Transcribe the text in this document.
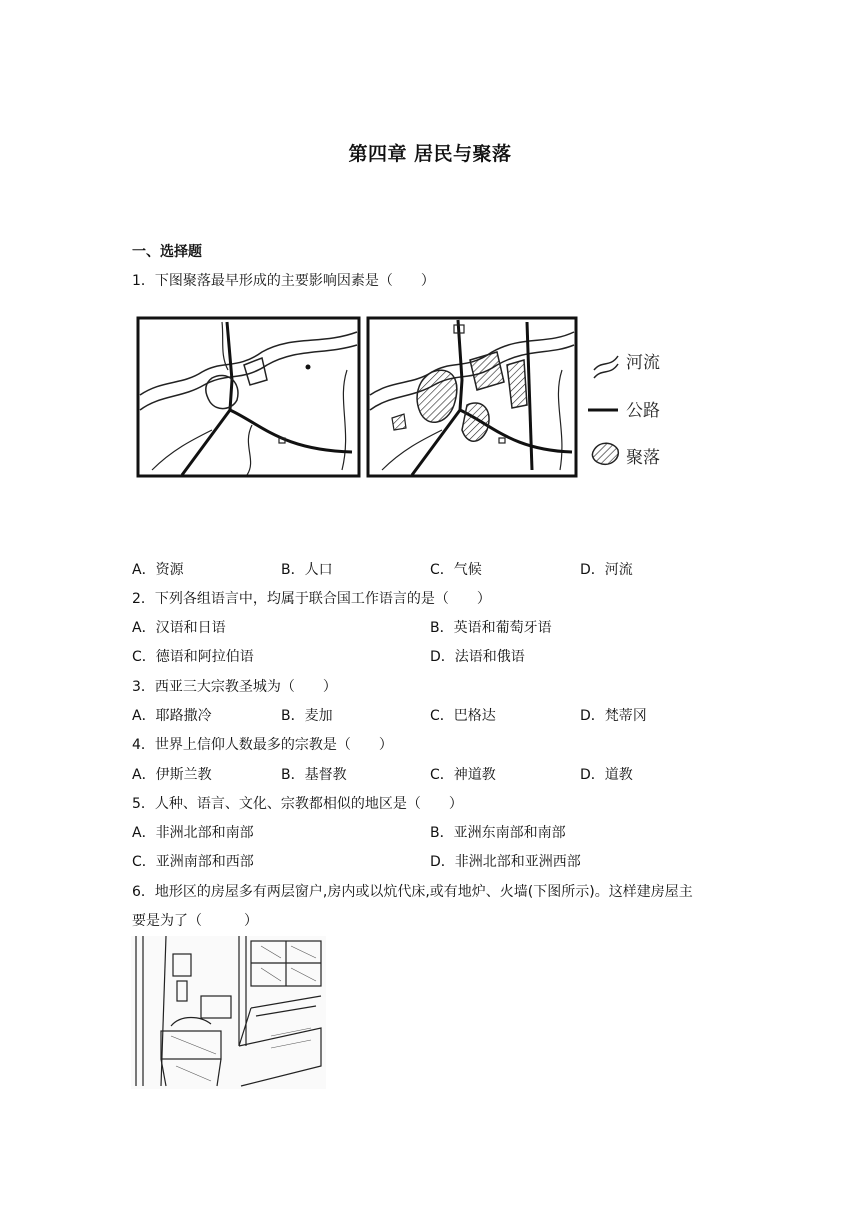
第四章 居民与聚落
一、选择题
1．下图聚落最早形成的主要影响因素是（　　）
河流
公路
聚落
A．资源	B．人口	C．气候	D．河流
2．下列各组语言中，均属于联合国工作语言的是（　　）
A．汉语和日语	B．英语和葡萄牙语
C．德语和阿拉伯语	D．法语和俄语
3．西亚三大宗教圣城为（　　）
A．耶路撒冷	B．麦加	C．巴格达	D．梵蒂冈
4．世界上信仰人数最多的宗教是（　　）
A．伊斯兰教	B．基督教	C．神道教	D．道教
5．人种、语言、文化、宗教都相似的地区是（　　）
A．非洲北部和南部	B．亚洲东南部和南部
C．亚洲南部和西部	D．非洲北部和亚洲西部
6．地形区的房屋多有两层窗户,房内或以炕代床,或有地炉、火墙(下图所示)。这样建房屋主
要是为了（　　　）
